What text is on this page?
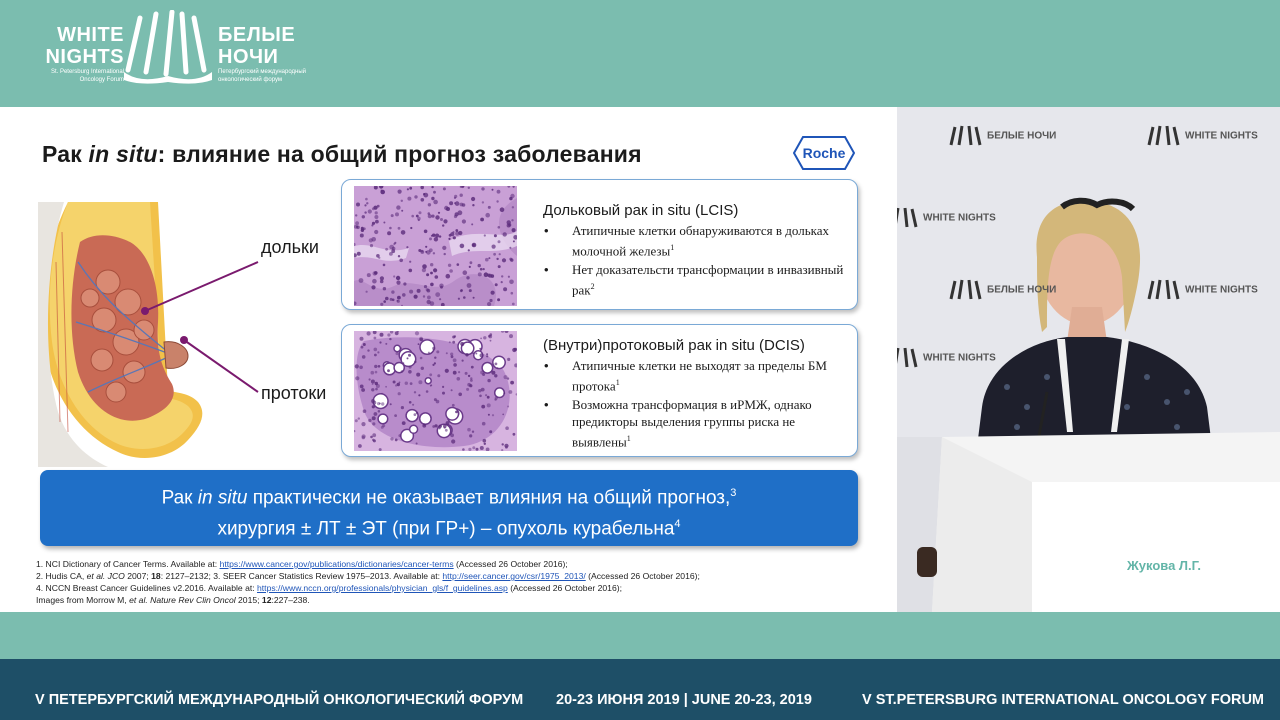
WHITE
NIGHTS
St. Petersburg International
Oncology Forum
БЕЛЫЕ
НОЧИ
Петербургский международный
онкологический форум
Рак in situ: влияние на общий прогноз заболевания	Roche
дольки
протоки
Дольковый рак in situ (LCIS)
• Атипичные клетки обнаруживаются в дольках молочной железы$^1$
• Нет доказательсти трансформации в инвазивный рак$^2$
(Внутри)протоковый рак in situ (DCIS)
• Атипичные клетки не выходят за пределы БМ протока$^1$
• Возможна трансформация в иРМЖ, однако предикторы выделения группы риска не выявлены$^1$
Рак in situ практически не оказывает влияния на общий прогноз,$^3$
хирургия ± ЛТ ± ЭТ (при ГР+) – опухоль курабельна$^4$
1. NCI Dictionary of Cancer Terms. Available at: https://www.cancer.gov/publications/dictionaries/cancer-terms (Accessed 26 October 2016);
2. Hudis CA, et al. JCO 2007; 18: 2127–2132; 3. SEER Cancer Statistics Review 1975–2013. Available at: http://seer.cancer.gov/csr/1975_2013/ (Accessed 26 October 2016);
4. NCCN Breast Cancer Guidelines v2.2016. Available at: https://www.nccn.org/professionals/physician_gls/f_guidelines.asp (Accessed 26 October 2016);
Images from Morrow M, et al. Nature Rev Clin Oncol 2015; 12:227–238.
БЕЛЫЕ НОЧИ	WHITE NIGHTS
WHITE NIGHTS
БЕЛЫЕ НОЧИ	WHITE NIGHTS
WHITE NIGHTS
Жукова Л.Г.
V ПЕТЕРБУРГСКИЙ МЕЖДУНАРОДНЫЙ ОНКОЛОГИЧЕСКИЙ ФОРУМ 20-23 ИЮНЯ 2019 | JUNE 20-23, 2019	V ST.PETERSBURG INTERNATIONAL ONCOLOGY FORUM
